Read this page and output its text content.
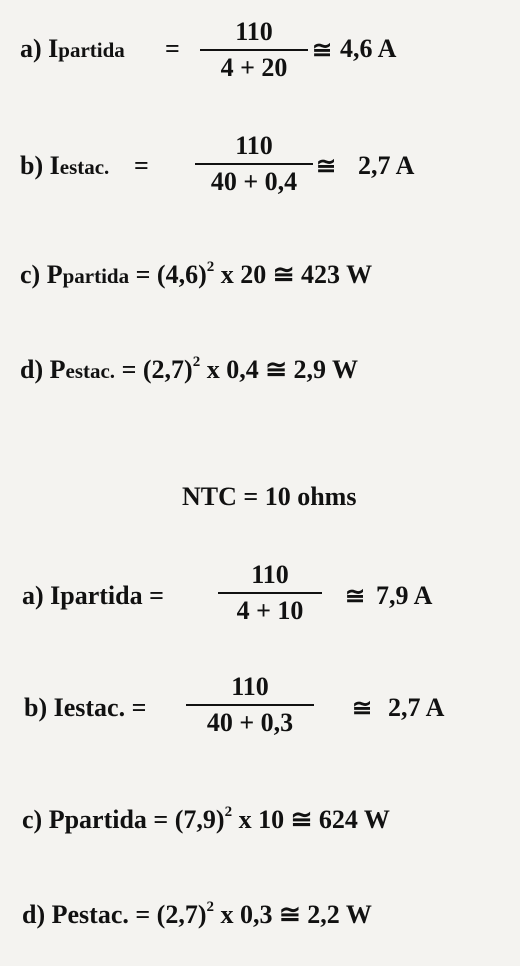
a) Ipartida =
110
4 + 20
≅ 4,6 A
b) Iestac. =
110
40 + 0,4 ≅ 2,7 A
c) Ppartida = $(4,6)^2$ x 20 ≅ 423 W
d) Pestac. = $(2,7)^2$ x 0,4 ≅ 2,9 W
NTC = 10 ohms
a) Ipartida =
110
4 + 10	≅ 7,9 A
b) Iestac. =
110
40 + 0,3	≅ 2,7 A
c) Ppartida = $(7,9)^2$ x 10 ≅ 624 W
d) Pestac. = $(2,7)^2$ x 0,3 ≅ 2,2 W
